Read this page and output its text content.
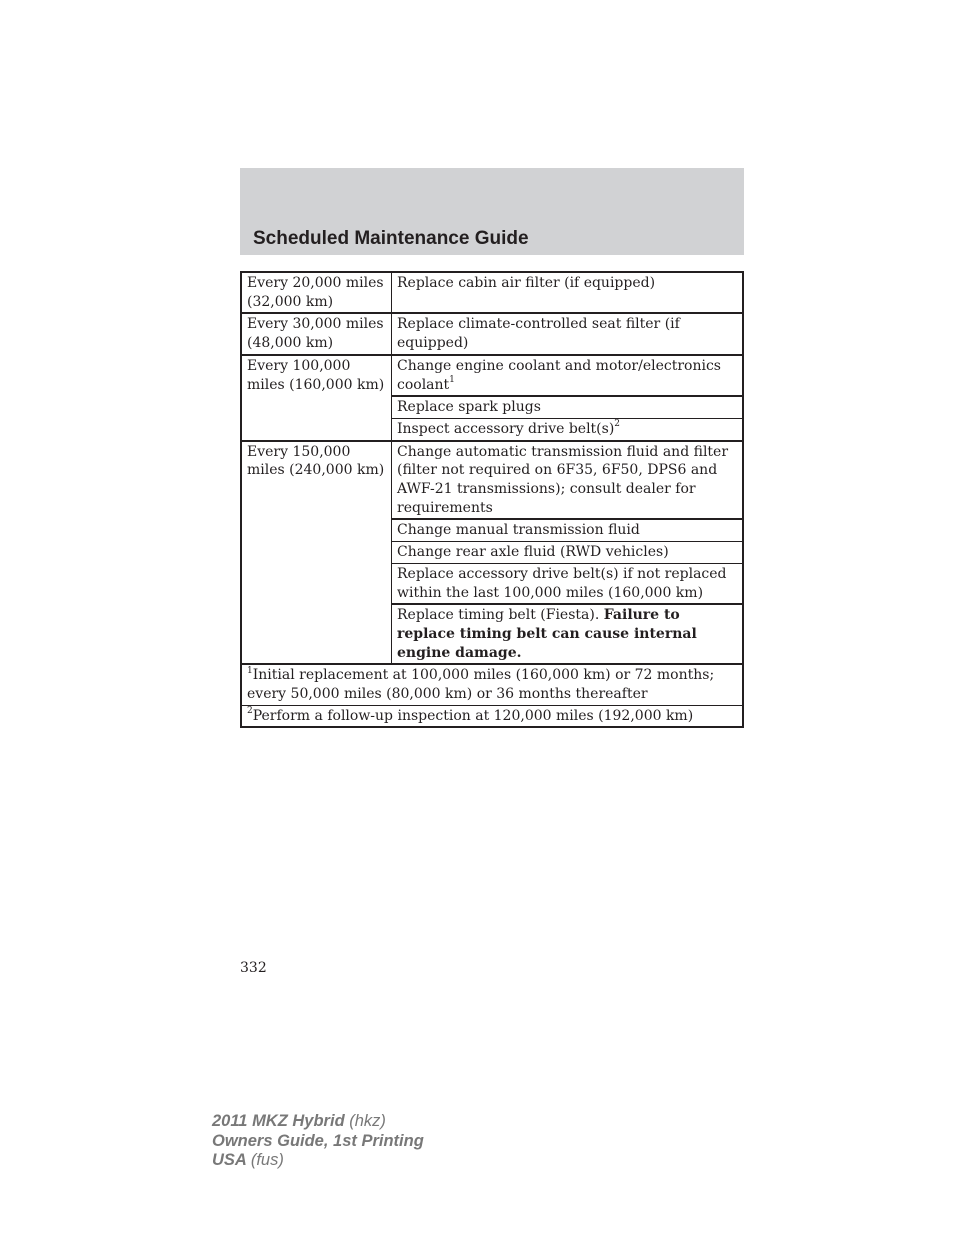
Scheduled Maintenance Guide
Every 20,000 miles (32,000 km)	Replace cabin air filter (if equipped)
Every 30,000 miles (48,000 km)	Replace climate-controlled seat filter (if equipped)
Every 100,000 miles (160,000 km)	Change engine coolant and motor/electronics coolant$^1$
	Replace spark plugs
	Inspect accessory drive $belt(s)^2$
Every 150,000 miles (240,000 km)	Change automatic transmission fluid and filter (filter not required on 6F35, 6F50, DPS6 and AWF-21 transmissions); consult dealer for requirements
	Change manual transmission fluid
	Change rear axle fluid (RWD vehicles)
	Replace accessory drive belt(s) if not replaced within the last 100,000 miles (160,000 km)
	Replace timing belt (Fiesta). Failure to replace timing belt can cause internal engine damage.
$^1$Initial replacement at 100,000 miles (160,000 km) or 72 months; every 50,000 miles (80,000 km) or 36 months thereafter	
$^2$Perform a follow-up inspection at 120,000 miles (192,000 km)	
332
2011 MKZ Hybrid (hkz)
Owners Guide, 1st Printing
USA (fus)
